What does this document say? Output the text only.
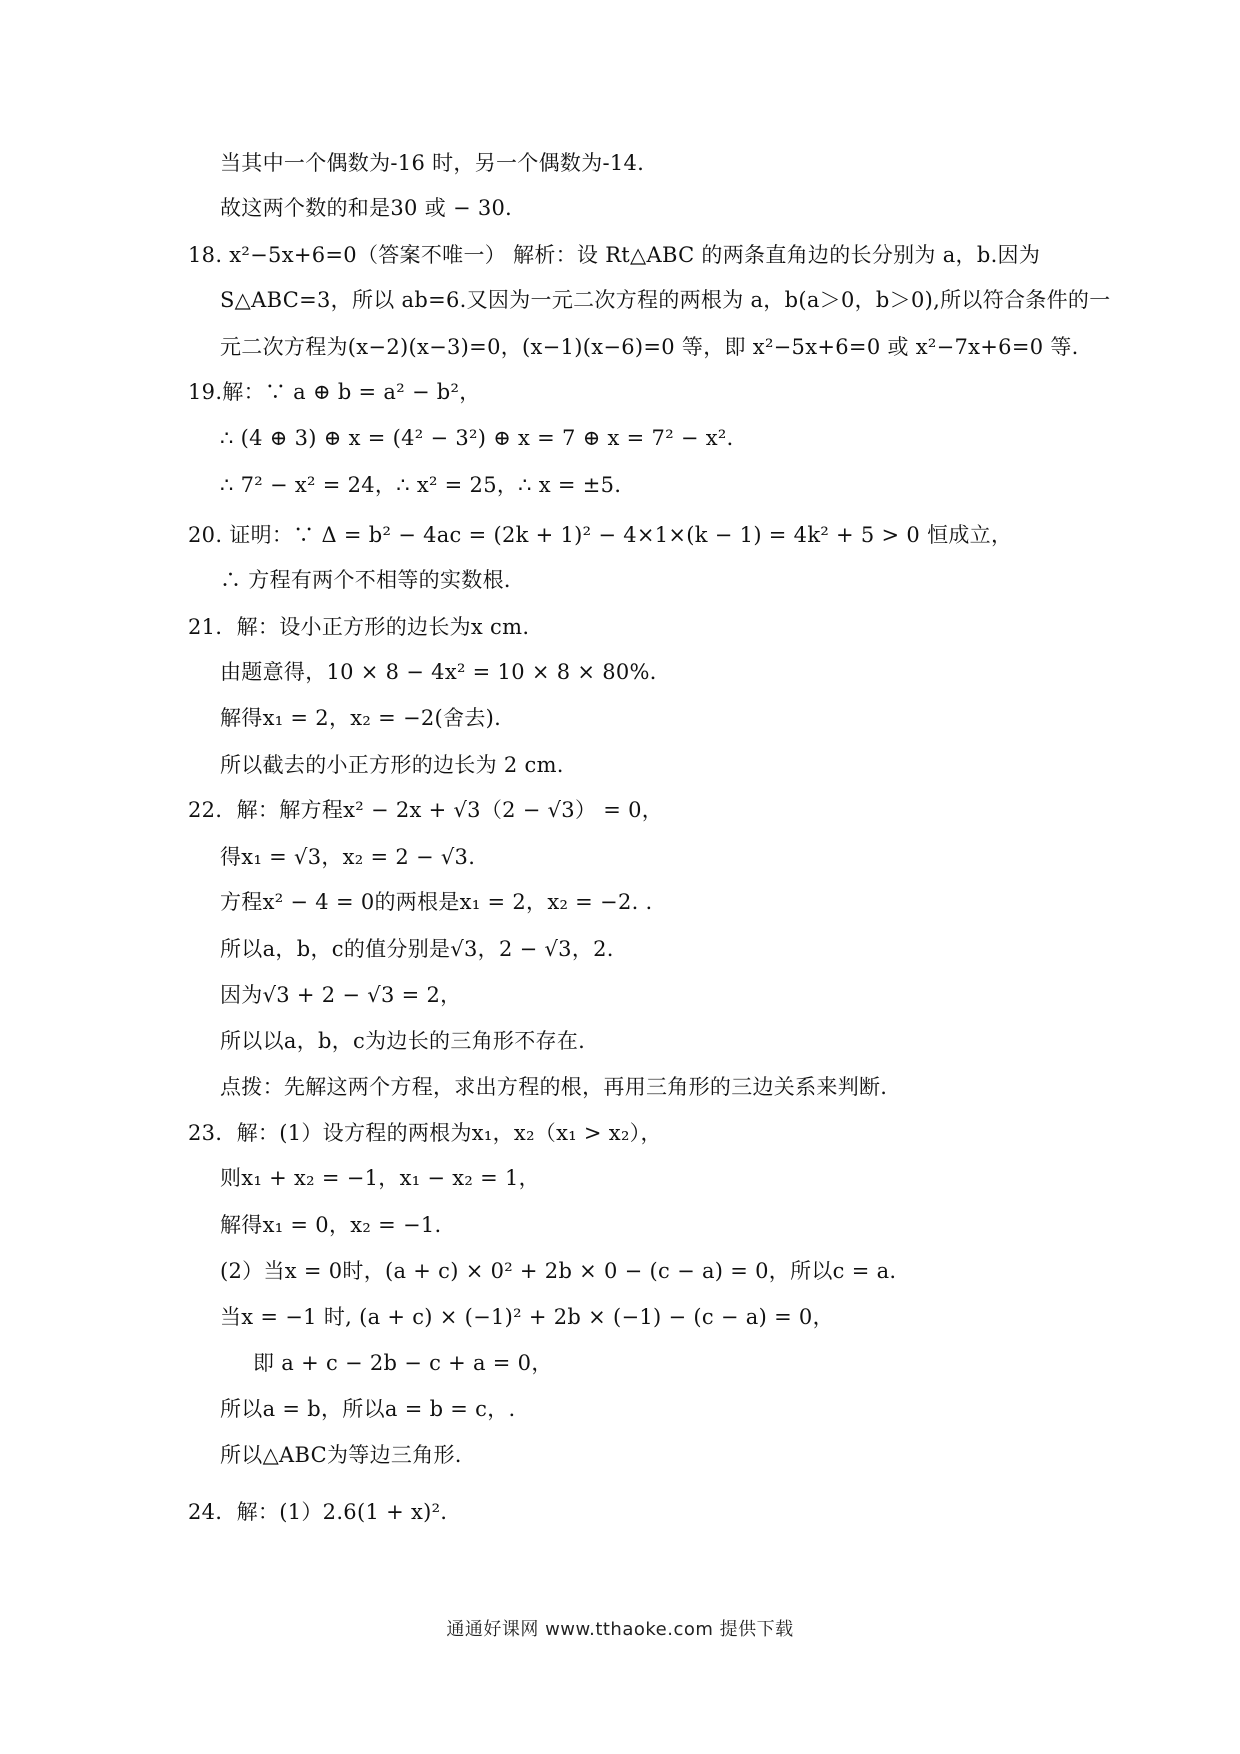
当其中一个偶数为-16 时，另一个偶数为-14．
故这两个数的和是30 或 − 30．
18. x²−5x+6=0（答案不唯一） 解析：设 Rt△ABC 的两条直角边的长分别为 a，b.因为
S△ABC=3，所以 ab=6.又因为一元二次方程的两根为 a，b(a＞0，b＞0),所以符合条件的一
元二次方程为(x−2)(x−3)=0，(x−1)(x−6)=0 等，即 x²−5x+6=0 或 x²−7x+6=0 等.
19.解：∵ a ⊕ b = a² − b²，
∴ (4 ⊕ 3) ⊕ x = (4² − 3²) ⊕ x = 7 ⊕ x = 7² − x²．
∴ 7² − x² = 24，∴ x² = 25，∴ x = ±5．
20. 证明：∵ Δ = b² − 4ac = (2k + 1)² − 4×1×(k − 1) = 4k² + 5 > 0 恒成立，
∴ 方程有两个不相等的实数根．
21．解：设小正方形的边长为x cm.
由题意得，10 × 8 − 4x² = 10 × 8 × 80%．
解得x₁ = 2，x₂ = −2(舍去).
所以截去的小正方形的边长为 2 cm.
22．解：解方程x² − 2x + √3（2 − √3） = 0，
得x₁ = √3，x₂ = 2 − √3.
方程x² − 4 = 0的两根是x₁ = 2，x₂ = −2. .
所以a，b，c的值分别是√3，2 − √3，2.
因为√3 + 2 − √3 = 2，
所以以a，b，c为边长的三角形不存在.
点拨：先解这两个方程，求出方程的根，再用三角形的三边关系来判断.
23．解：(1）设方程的两根为x₁，x₂（x₁ > x₂），
则x₁ + x₂ = −1，x₁ − x₂ = 1，
解得x₁ = 0，x₂ = −1.
(2）当x = 0时，(a + c) × 0² + 2b × 0 − (c − a) = 0，所以c = a.
当x = −1 时, (a + c) × (−1)² + 2b × (−1) − (c − a) = 0，
即 a + c − 2b − c + a = 0，
所以a = b，所以a = b = c，.
所以△ABC为等边三角形.
24．解：(1）2.6(1 + x)²．
通通好课网 www.tthaoke.com 提供下载
